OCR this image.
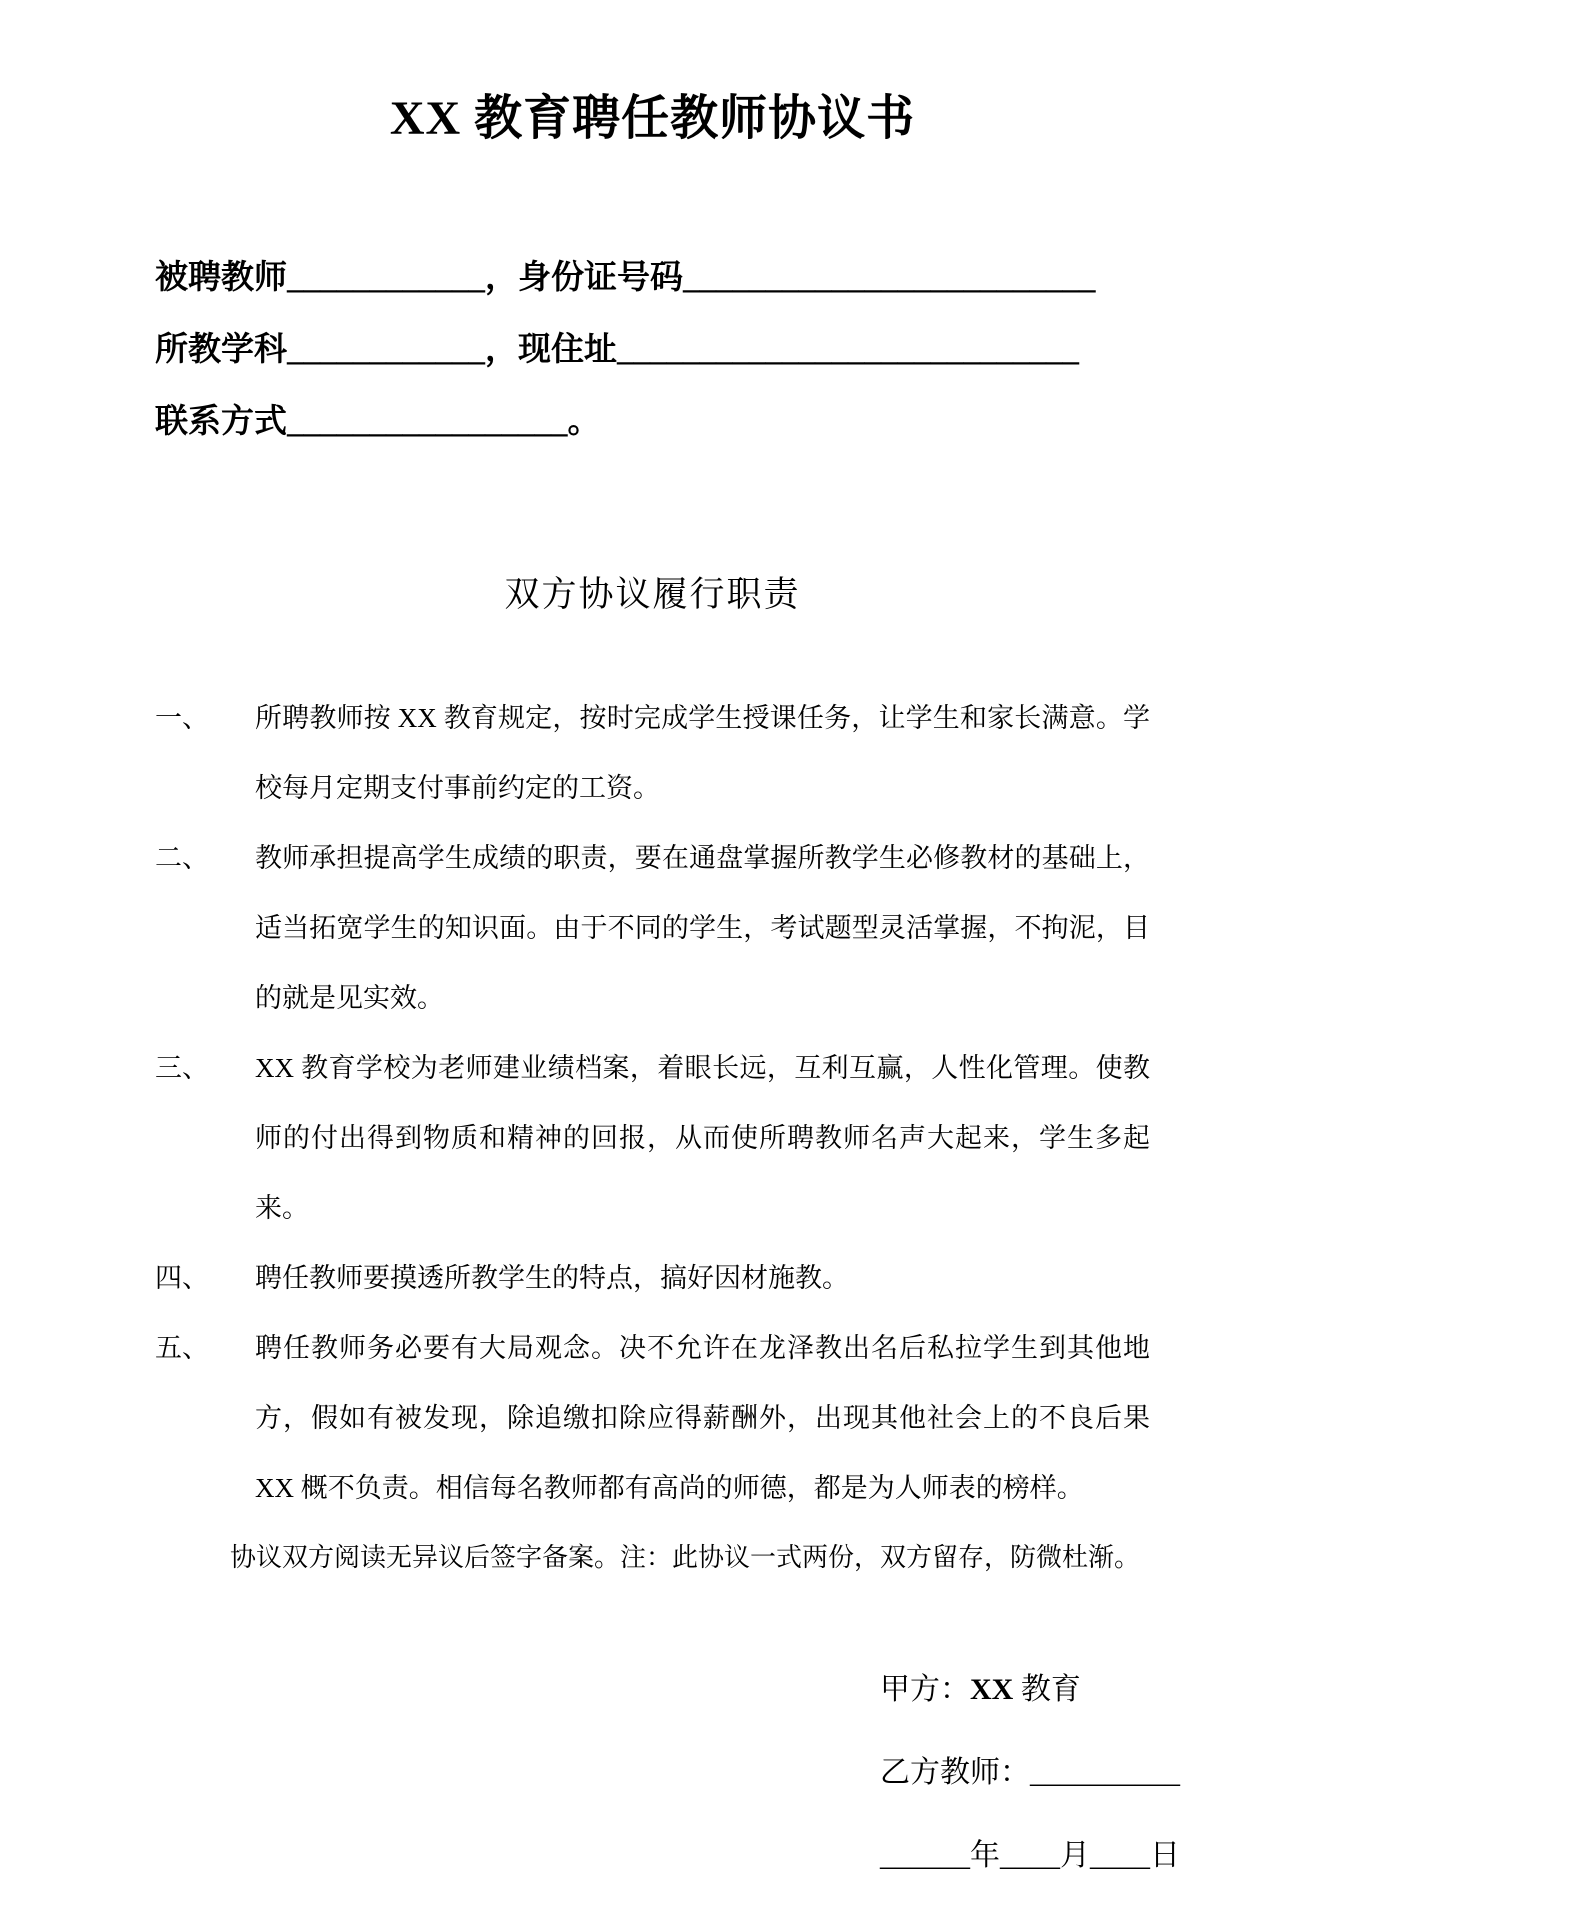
XX 教育聘任教师协议书
被聘教师____________，身份证号码_________________________
所教学科____________，现住址____________________________
联系方式_________________。
双方协议履行职责
一、 所聘教师按 XX 教育规定，按时完成学生授课任务，让学生和家长满意。学校每月定期支付事前约定的工资。
二、 教师承担提高学生成绩的职责，要在通盘掌握所教学生必修教材的基础上，适当拓宽学生的知识面。由于不同的学生，考试题型灵活掌握，不拘泥，目的就是见实效。
三、 XX 教育学校为老师建业绩档案，着眼长远，互利互赢，人性化管理。使教师的付出得到物质和精神的回报，从而使所聘教师名声大起来，学生多起来。
四、 聘任教师要摸透所教学生的特点，搞好因材施教。
五、 聘任教师务必要有大局观念。决不允许在龙泽教出名后私拉学生到其他地方，假如有被发现，除追缴扣除应得薪酬外，出现其他社会上的不良后果 XX 概不负责。相信每名教师都有高尚的师德，都是为人师表的榜样。
协议双方阅读无异议后签字备案。注：此协议一式两份，双方留存，防微杜渐。
甲方：XX 教育
乙方教师：__________
______年____月____日
